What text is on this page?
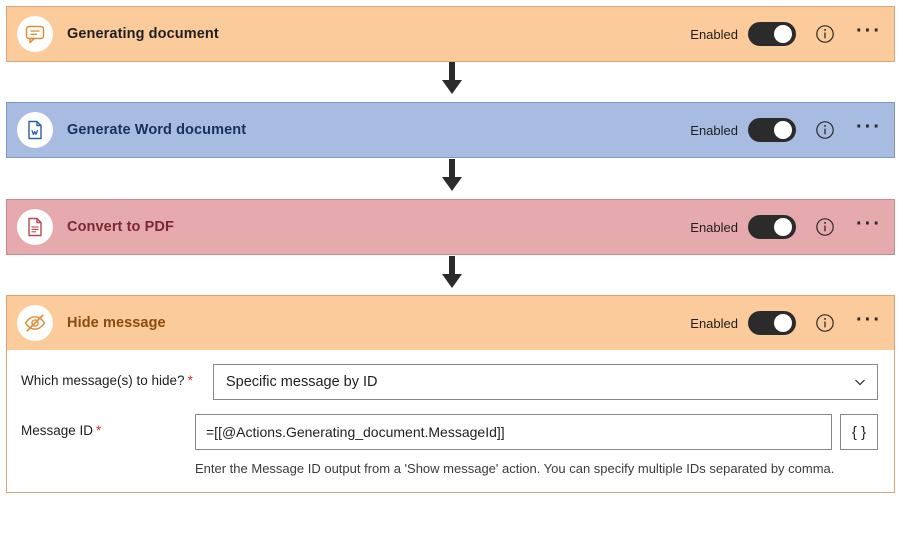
Generating document	Enabled	···
Generate Word document	Enabled	···
Convert to PDF	Enabled	···
Hide message	Enabled	···
Which message(s) to hide? *	Specific message by ID
Message ID *	=[[@Actions.Generating_document.MessageId]]	{ }
Enter the Message ID output from a 'Show message' action. You can specify multiple IDs separated by comma.
